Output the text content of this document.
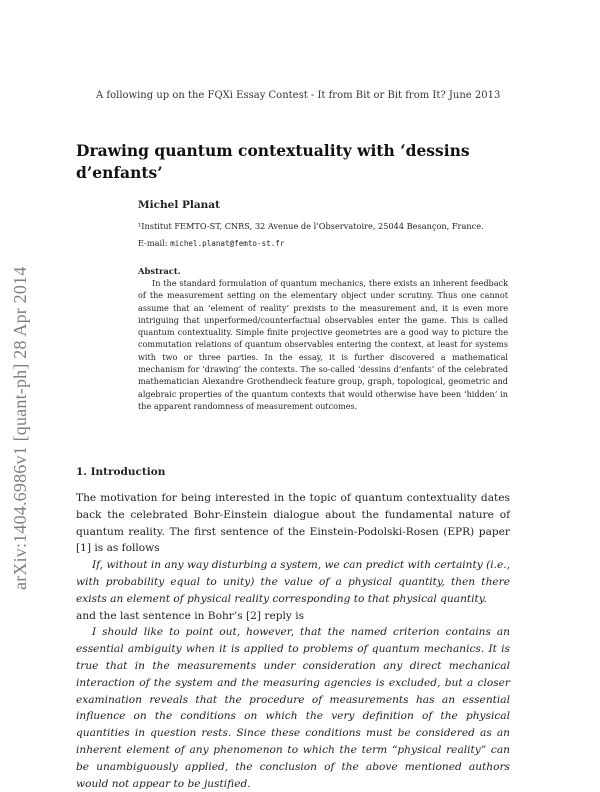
arXiv:1404.6986v1 [quant-ph] 28 Apr 2014
A following up on the FQXi Essay Contest - It from Bit or Bit from It? June 2013
Drawing quantum contextuality with ‘dessins d’enfants’
Michel Planat
¹Institut FEMTO-ST, CNRS, 32 Avenue de l’Observatoire, 25044 Besançon, France.
E-mail: michel.planat@femto-st.fr
Abstract.
In the standard formulation of quantum mechanics, there exists an inherent feedback of the measurement setting on the elementary object under scrutiny. Thus one cannot assume that an ‘element of reality’ prexists to the measurement and, it is even more intriguing that unperformed/counterfactual observables enter the game. This is called quantum contextuality. Simple finite projective geometries are a good way to picture the commutation relations of quantum observables entering the context, at least for systems with two or three parties. In the essay, it is further discovered a mathematical mechanism for ‘drawing’ the contexts. The so-called ‘dessins d’enfants’ of the celebrated mathematician Alexandre Grothendieck feature group, graph, topological, geometric and algebraic properties of the quantum contexts that would otherwise have been ‘hidden’ in the apparent randomness of measurement outcomes.
1. Introduction

The motivation for being interested in the topic of quantum contextuality dates back the celebrated Bohr-Einstein dialogue about the fundamental nature of quantum reality. The first sentence of the Einstein-Podolski-Rosen (EPR) paper [1] is as follows

If, without in any way disturbing a system, we can predict with certainty (i.e., with probability equal to unity) the value of a physical quantity, then there exists an element of physical reality corresponding to that physical quantity.

and the last sentence in Bohr’s [2] reply is

I should like to point out, however, that the named criterion contains an essential ambiguity when it is applied to problems of quantum mechanics. It is true that in the measurements under consideration any direct mechanical interaction of the system and the measuring agencies is excluded, but a closer examination reveals that the procedure of measurements has an essential influence on the conditions on which the very definition of the physical quantities in question rests. Since these conditions must be considered as an inherent element of any phenomenon to which the term “physical reality” can be unambiguously applied, the conclusion of the above mentioned authors would not appear to be justified.
